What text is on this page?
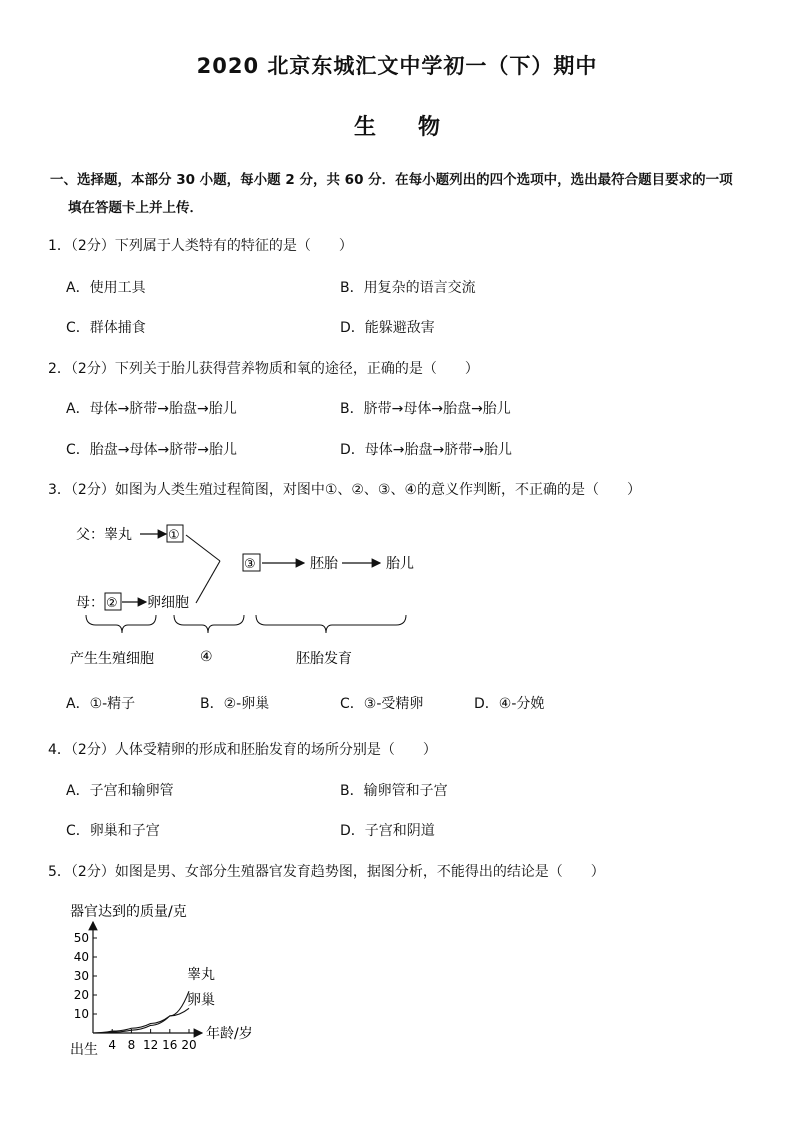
2020 北京东城汇文中学初一（下）期中
生物
一、选择题，本部分 30 小题，每小题 2 分，共 60 分．在每小题列出的四个选项中，选出最符合题目要求的一项
填在答题卡上并上传．
1．（2分）下列属于人类特有的特征的是（　　）
A．使用工具	B．用复杂的语言交流
C．群体捕食	D．能躲避敌害
2．（2分）下列关于胎儿获得营养物质和氧的途径，正确的是（　　）
A．母体→脐带→胎盘→胎儿	B．脐带→母体→胎盘→胎儿
C．胎盘→母体→脐带→胎儿	D．母体→胎盘→脐带→胎儿
3．（2分）如图为人类生殖过程简图，对图中①、②、③、④的意义作判断，不正确的是（　　）
父：睾丸	①
母： ② 卵细胞
③	胚胎	胎儿
产生生殖细胞	④	胚胎发育
A．①-精子	B．②-卵巢	C．③-受精卵	D．④-分娩
4．（2分）人体受精卵的形成和胚胎发育的场所分别是（　　）
A．子宫和输卵管	B．输卵管和子宫
C．卵巢和子宫	D．子宫和阴道
5．（2分）如图是男、女部分生殖器官发育趋势图，据图分析，不能得出的结论是（　　）
器官达到的质量/克
10
20
30
40
50
4 8 12 16 20
睾丸
卵巢
年龄/岁
出生
